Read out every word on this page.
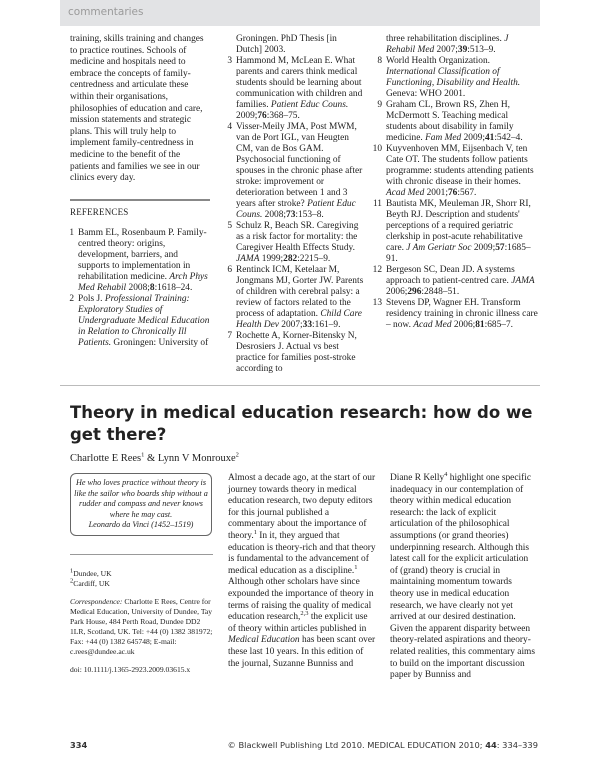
commentaries

training, skills training and changes to practice routines. Schools of medicine and hospitals need to embrace the concepts of family-centredness and articulate these within their organisations, philosophies of education and care, mission statements and strategic plans. This will truly help to implement family-centredness in medicine to the benefit of the patients and families we see in our clinics every day.

REFERENCES
1 Bamm EL, Rosenbaum P. Family-centred theory: origins, development, barriers, and supports to implementation in rehabilitation medicine. Arch Phys Med Rehabil 2008;8:1618–24.
2 Pols J. Professional Training: Exploratory Studies of Undergraduate Medical Education in Relation to Chronically Ill Patients. Groningen: University of
Groningen. PhD Thesis [in Dutch] 2003.
3 Hammond M, McLean E. What parents and carers think medical students should be learning about communication with children and families. Patient Educ Couns. 2009;76:368–75.
4 Visser-Meily JMA, Post MWM, van de Port IGL, van Heugten CM, van de Bos GAM. Psychosocial functioning of spouses in the chronic phase after stroke: improvement or deterioration between 1 and 3 years after stroke? Patient Educ Couns. 2008;73:153–8.
5 Schulz R, Beach SR. Caregiving as a risk factor for mortality: the Caregiver Health Effects Study. JAMA 1999;282:2215–9.
6 Rentinck ICM, Ketelaar M, Jongmans MJ, Gorter JW. Parents of children with cerebral palsy: a review of factors related to the process of adaptation. Child Care Health Dev 2007;33:161–9.
7 Rochette A, Korner-Bitensky N, Desrosiers J. Actual vs best practice for families post-stroke according to
three rehabilitation disciplines. J Rehabil Med 2007;39:513–9.
8 World Health Organization. International Classification of Functioning, Disability and Health. Geneva: WHO 2001.
9 Graham CL, Brown RS, Zhen H, McDermott S. Teaching medical students about disability in family medicine. Fam Med 2009;41:542–4.
10 Kuyvenhoven MM, Eijsenbach V, ten Cate OT. The students follow patients programme: students attending patients with chronic disease in their homes. Acad Med 2001;76:567.
11 Bautista MK, Meuleman JR, Shorr RI, Beyth RJ. Description and students' perceptions of a required geriatric clerkship in post-acute rehabilitative care. J Am Geriatr Soc 2009;57:1685–91.
12 Bergeson SC, Dean JD. A systems approach to patient-centred care. JAMA 2006;296:2848–51.
13 Stevens DP, Wagner EH. Transform residency training in chronic illness care – now. Acad Med 2006;81:685–7.
Theory in medical education research: how do we get there?
Charlotte E Rees$^1$ & Lynn V Monrouxe$^2$
He who loves practice without theory is like the sailor who boards ship without a rudder and compass and never knows where he may cast.
Leonardo da Vinci (1452–1519)
$^1$Dundee, UK
$^2$Cardiff, UK
Correspondence: Charlotte E Rees, Centre for Medical Education, University of Dundee, Tay Park House, 484 Perth Road, Dundee DD2 1LR, Scotland, UK. Tel: +44 (0) 1382 381972; Fax: +44 (0) 1382 645748; E-mail: c.rees@dundee.ac.uk
doi: 10.1111/j.1365-2923.2009.03615.x
Almost a decade ago, at the start of our journey towards theory in medical education research, two deputy editors for this journal published a commentary about the importance of theory.$^1$ In it, they argued that education is theory-rich and that theory is fundamental to the advancement of medical education as a discipline.$^1$ Although other scholars have since expounded the importance of theory in terms of raising the quality of medical education research,$^{2,3}$ the explicit use of theory within articles published in Medical Education has been scant over these last 10 years. In this edition of the journal, Suzanne Bunniss and
Diane R Kelly$^4$ highlight one specific inadequacy in our contemplation of theory within medical education research: the lack of explicit articulation of the philosophical assumptions (or grand theories) underpinning research. Although this latest call for the explicit articulation of (grand) theory is crucial in maintaining momentum towards theory use in medical education research, we have clearly not yet arrived at our desired destination. Given the apparent disparity between theory-related aspirations and theory-related realities, this commentary aims to build on the important discussion paper by Bunniss and
334	© Blackwell Publishing Ltd 2010. MEDICAL EDUCATION 2010; 44: 334–339
